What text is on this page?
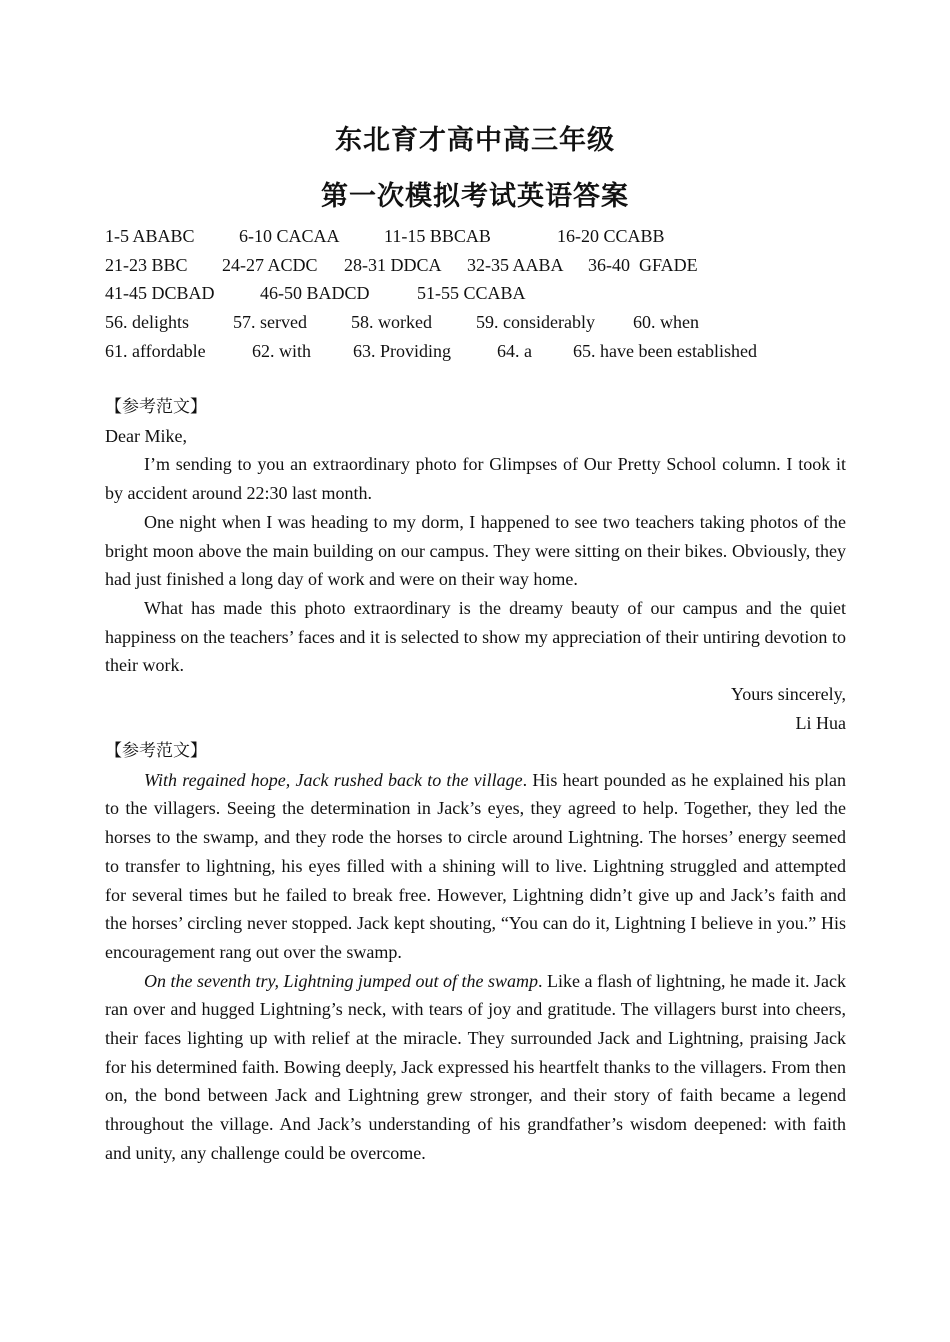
东北育才高中高三年级
第一次模拟考试英语答案
1-5 ABABC 6-10 CACAA 11-15 BBCAB	16-20 CCABB
21-23 BBC 24-27 ACDC 28-31 DDCA 32-35 AABA 36-40  GFADE
41-45 DCBAD	46-50 BADCD	51-55 CCABA
56. delights 57. served 58. worked 59. considerably 60. when
61. affordable	62. with 63. Providing	64. a 65. have been established

【参考范文】

Dear Mike,

I’m sending to you an extraordinary photo for Glimpses of Our Pretty School column. I took it by accident around 22:30 last month.

One night when I was heading to my dorm, I happened to see two teachers taking photos of the bright moon above the main building on our campus. They were sitting on their bikes. Obviously, they had just finished a long day of work and were on their way home.

What has made this photo extraordinary is the dreamy beauty of our campus and the quiet happiness on the teachers’ faces and it is selected to show my appreciation of their untiring devotion to their work.

Yours sincerely,

Li Hua

【参考范文】

With regained hope, Jack rushed back to the village. His heart pounded as he explained his plan to the villagers. Seeing the determination in Jack’s eyes, they agreed to help. Together, they led the horses to the swamp, and they rode the horses to circle around Lightning. The horses’ energy seemed to transfer to lightning, his eyes filled with a shining will to live. Lightning struggled and attempted for several times but he failed to break free. However, Lightning didn’t give up and Jack’s faith and the horses’ circling never stopped. Jack kept shouting, “You can do it, Lightning I believe in you.” His encouragement rang out over the swamp.

On the seventh try, Lightning jumped out of the swamp. Like a flash of lightning, he made it. Jack ran over and hugged Lightning’s neck, with tears of joy and gratitude. The villagers burst into cheers, their faces lighting up with relief at the miracle. They surrounded Jack and Lightning, praising Jack for his determined faith. Bowing deeply, Jack expressed his heartfelt thanks to the villagers. From then on, the bond between Jack and Lightning grew stronger, and their story of faith became a legend throughout the village. And Jack’s understanding of his grandfather’s wisdom deepened: with faith and unity, any challenge could be overcome.
